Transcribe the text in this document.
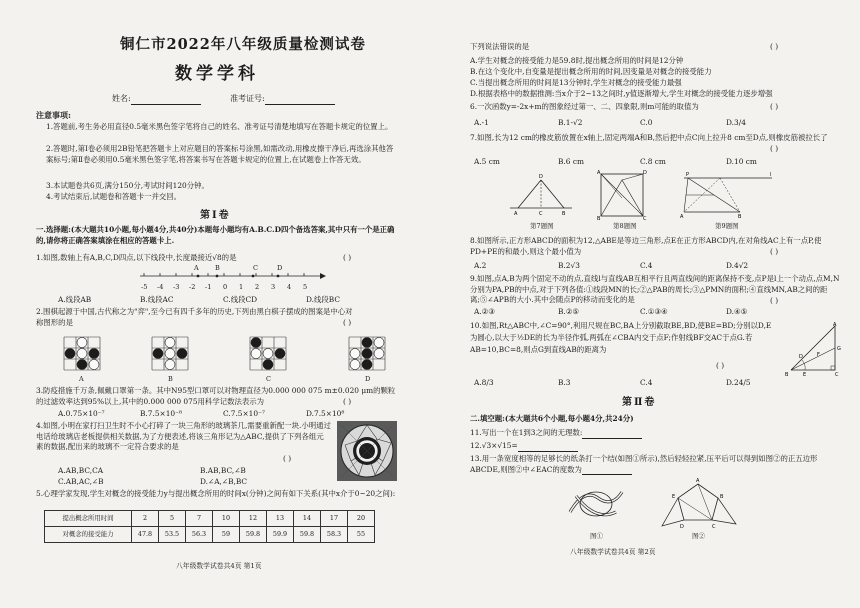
铜仁市2022年八年级质量检测试卷
数学学科
姓名:	准考证号:
注意事项:
1.答题前,考生务必用直径0.5毫米黑色签字笔将自己的姓名、准考证号清楚地填写在答题卡规定的位置上。
2.答题时,第Ⅰ卷必须用2B铅笔把答题卡上对应题目的答案标号涂黑,如需改动,用橡皮擦干净后,再选涂其他答案标号;第Ⅱ卷必须用0.5毫米黑色签字笔,将答案书写在答题卡规定的位置上,在试题卷上作答无效。
3.本试题卷共6页,满分150分,考试时间120分钟。
4.考试结束后,试题卷和答题卡一并交回。
第Ⅰ卷
一.选择题:(本大题共10小题,每小题4分,共40分)本题每小题均有A.B.C.D四个备选答案,其中只有一个是正确的,请你将正确答案填涂在相应的答题卡上.
1.如图,数轴上有A,B,C,D四点,以下线段中,长度最接近√8的是	( )
A	B	C	D
-5 -4 -3 -2 -1 0 1 2 3 4 5
A.线段AB	B.线段AC	C.线段CD	D.线段BC
2.围棋起源于中国,古代称之为"弈",至今已有四千多年的历史,下列由黑白棋子摆成的图案是中心对称图形的是	( )
A	B	C	D
3.防疫措施千万条,佩戴口罩第一条。其中N95型口罩可以对物理直径为0.000 000 075 m±0.020 μm的颗粒的过滤效率达到95%以上,其中的0.000 000 075用科学记数法表示为	( )
A.0.75×10⁻⁷	B.7.5×10⁻⁸	C.7.5×10⁻⁷	D.7.5×10⁸
4.如图,小明在家打扫卫生时不小心打碎了一块三角形的玻璃茶几,需要重新配一块.小明通过电话给玻璃店老板提供相关数据,为了方便表述,将该三角形记为△ABC,提供了下列各组元素的数据,配出来的玻璃不一定符合要求的是
( )
A.AB,BC,CA	B.AB,BC,∠B
C.AB,AC,∠B	D.∠A,∠B,BC
5.心理学家发现,学生对概念的接受能力y与提出概念所用的时间x(分钟)之间有如下关系(其中x介于0~20之间):
提出概念所用时间	2	5	7	10	12	13	14	17	20
对概念的接受能力	47.8	53.5	56.3	59	59.8	59.9	59.8	58.3	55
八年级数学试卷共4页 第1页
下列说法错误的是	( )
A.学生对概念的接受能力是59.8时,提出概念所用的时间是12分钟
B.在这个变化中,自变量是提出概念所用的时间,因变量是对概念的接受能力
C.当提出概念所用的时间是13分钟时,学生对概念的接受能力最强
D.根据表格中的数据推测:当x介于2~13之间时,y值逐渐增大,学生对概念的接受能力逐步增强
6.一次函数y=-2x+m的图象经过第一、二、四象限,则m可能的取值为	( )
A.-1	B.1-√2	C.0	D.3/4
7.如图,长为12 cm的橡皮筋放置在x轴上,固定两端A和B,然后把中点C向上拉升8 cm至D点,则橡皮筋被拉长了
( )
A.5 cm	B.6 cm	C.8 cm	D.10 cm
D
A	C	B
A	D
B	C
P	l
A	B
第7题图	第8题图	第9题图
8.如图所示,正方形ABCD的面积为12,△ABE是等边三角形,点E在正方形ABCD内,在对角线AC上有一点P,使PD+PE的和最小,则这个最小值为	( )
A.2	B.2√3	C.4	D.4√2
9.如图,点A,B为两个固定不动的点,直线l与直线AB互相平行且两直线间的距离保持不变,点P是l上一个动点,点M,N分别为PA,PB的中点,对于下列各值:①线段MN的长;②△PAB的周长;③△PMN的面积;④直线MN,AB之间的距离;⑤∠APB的大小.其中会随点P的移动而变化的是	( )
A.②③	B.②⑤	C.①③④	D.④⑤
10.如图,Rt△ABC中,∠C=90°,利用尺规在BC,BA上分别截取BE,BD,使BE=BD;分别以D,E为圆心,以大于½DE的长为半径作弧,两弧在∠CBA内交于点F;作射线BF交AC于点G.若AB=10,BC=8,则点G到直线AB的距离为
( )
A
B	C
G
E
D	F
A.8/3	B.3	C.4	D.24/5
第Ⅱ卷
二.填空题:(本大题共6个小题,每小题4分,共24分)
11.写出一个在1到3之间的无理数:
12.√3×√15=
13.用一条宽度相等的足够长的纸条打一个结(如图①所示),然后轻轻拉紧,压平后可以得到如图②的正五边形ABCDE,则图②中∠EAC的度数为
A
B
C
D
E
图①	图②
八年级数学试卷共4页 第2页
